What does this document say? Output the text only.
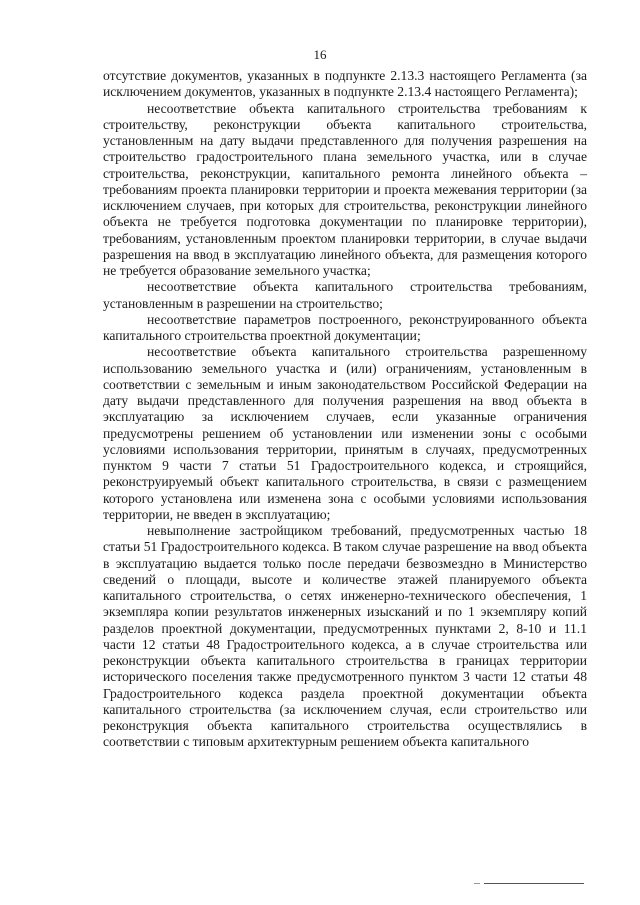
16

отсутствие документов, указанных в подпункте 2.13.3 настоящего Регламента (за исключением документов, указанных в подпункте 2.13.4 настоящего Регламента);

несоответствие объекта капитального строительства требованиям к строительству, реконструкции объекта капитального строительства, установленным на дату выдачи представленного для получения разрешения на строительство градостроительного плана земельного участка, или в случае строительства, реконструкции, капитального ремонта линейного объекта – требованиям проекта планировки территории и проекта межевания территории (за исключением случаев, при которых для строительства, реконструкции линейного объекта не требуется подготовка документации по планировке территории), требованиям, установленным проектом планировки территории, в случае выдачи разрешения на ввод в эксплуатацию линейного объекта, для размещения которого не требуется образование земельного участка;

несоответствие объекта капитального строительства требованиям, установленным в разрешении на строительство;

несоответствие параметров построенного, реконструированного объекта капитального строительства проектной документации;

несоответствие объекта капитального строительства разрешенному использованию земельного участка и (или) ограничениям, установленным в соответствии с земельным и иным законодательством Российской Федерации на дату выдачи представленного для получения разрешения на ввод объекта в эксплуатацию за исключением случаев, если указанные ограничения предусмотрены решением об установлении или изменении зоны с особыми условиями использования территории, принятым в случаях, предусмотренных пунктом 9 части 7 статьи 51 Градостроительного кодекса, и строящийся, реконструируемый объект капитального строительства, в связи с размещением которого установлена или изменена зона с особыми условиями использования территории, не введен в эксплуатацию;

невыполнение застройщиком требований, предусмотренных частью 18 статьи 51 Градостроительного кодекса. В таком случае разрешение на ввод объекта в эксплуатацию выдается только после передачи безвозмездно в Министерство сведений о площади, высоте и количестве этажей планируемого объекта капитального строительства, о сетях инженерно-технического обеспечения, 1 экземпляра копии результатов инженерных изысканий и по 1 экземпляру копий разделов проектной документации, предусмотренных пунктами 2, 8-10 и 11.1 части 12 статьи 48 Градостроительного кодекса, а в случае строительства или реконструкции объекта капитального строительства в границах территории исторического поселения также предусмотренного пунктом 3 части 12 статьи 48 Градостроительного кодекса раздела проектной документации объекта капитального строительства (за исключением случая, если строительство или реконструкция объекта капитального строительства осуществлялись в соответствии с типовым архитектурным решением объекта капитального
